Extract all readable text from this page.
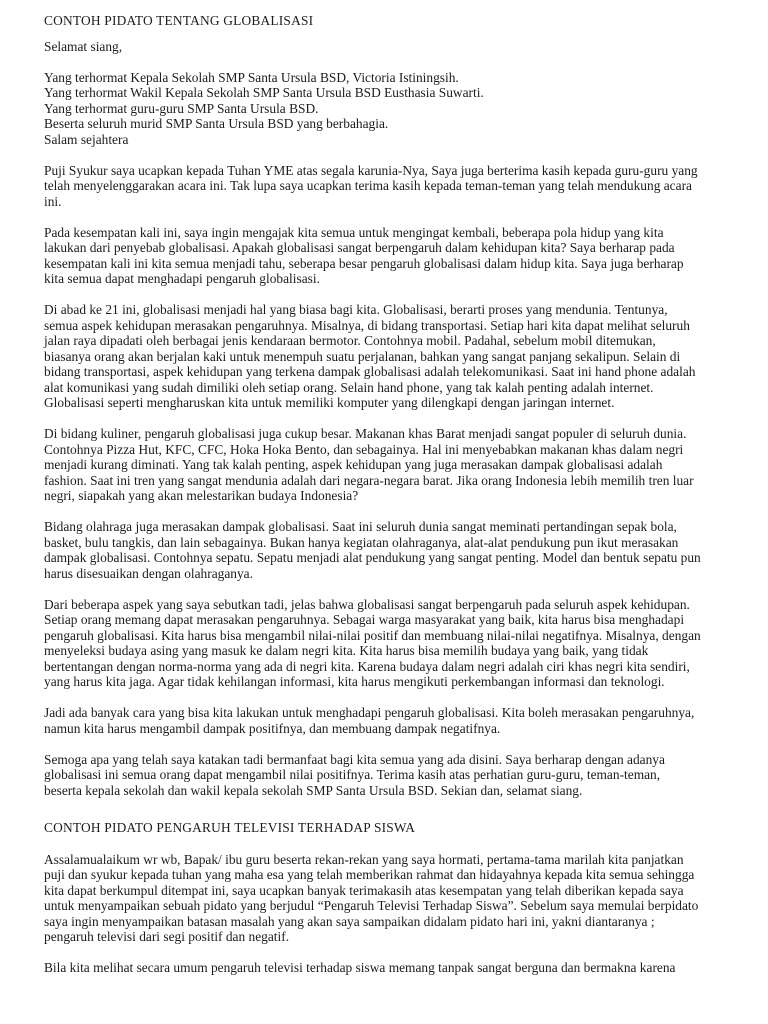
CONTOH PIDATO TENTANG GLOBALISASI
Selamat siang,
Yang terhormat Kepala Sekolah SMP Santa Ursula BSD, Victoria Istiningsih.
Yang terhormat Wakil Kepala Sekolah SMP Santa Ursula BSD Eusthasia Suwarti.
Yang terhormat guru-guru SMP Santa Ursula BSD.
Beserta seluruh murid SMP Santa Ursula BSD yang berbahagia.
Salam sejahtera
Puji Syukur saya ucapkan kepada Tuhan YME atas segala karunia-Nya, Saya juga berterima kasih kepada guru-guru yang
telah menyelenggarakan acara ini. Tak lupa saya ucapkan terima kasih kepada teman-teman yang telah mendukung acara
ini.
Pada kesempatan kali ini, saya ingin mengajak kita semua untuk mengingat kembali, beberapa pola hidup yang kita
lakukan dari penyebab globalisasi. Apakah globalisasi sangat berpengaruh dalam kehidupan kita? Saya berharap pada
kesempatan kali ini kita semua menjadi tahu, seberapa besar pengaruh globalisasi dalam hidup kita. Saya juga berharap
kita semua dapat menghadapi pengaruh globalisasi.
Di abad ke 21 ini, globalisasi menjadi hal yang biasa bagi kita. Globalisasi, berarti proses yang mendunia. Tentunya,
semua aspek kehidupan merasakan pengaruhnya. Misalnya, di bidang transportasi. Setiap hari kita dapat melihat seluruh
jalan raya dipadati oleh berbagai jenis kendaraan bermotor. Contohnya mobil. Padahal, sebelum mobil ditemukan,
biasanya orang akan berjalan kaki untuk menempuh suatu perjalanan, bahkan yang sangat panjang sekalipun. Selain di
bidang transportasi, aspek kehidupan yang terkena dampak globalisasi adalah telekomunikasi. Saat ini hand phone adalah
alat komunikasi yang sudah dimiliki oleh setiap orang. Selain hand phone, yang tak kalah penting adalah internet.
Globalisasi seperti mengharuskan kita untuk memiliki komputer yang dilengkapi dengan jaringan internet.
Di bidang kuliner, pengaruh globalisasi juga cukup besar. Makanan khas Barat menjadi sangat populer di seluruh dunia.
Contohnya Pizza Hut, KFC, CFC, Hoka Hoka Bento, dan sebagainya. Hal ini menyebabkan makanan khas dalam negri
menjadi kurang diminati. Yang tak kalah penting, aspek kehidupan yang juga merasakan dampak globalisasi adalah
fashion. Saat ini tren yang sangat mendunia adalah dari negara-negara barat. Jika orang Indonesia lebih memilih tren luar
negri, siapakah yang akan melestarikan budaya Indonesia?
Bidang olahraga juga merasakan dampak globalisasi. Saat ini seluruh dunia sangat meminati pertandingan sepak bola,
basket, bulu tangkis, dan lain sebagainya. Bukan hanya kegiatan olahraganya, alat-alat pendukung pun ikut merasakan
dampak globalisasi. Contohnya sepatu. Sepatu menjadi alat pendukung yang sangat penting. Model dan bentuk sepatu pun
harus disesuaikan dengan olahraganya.
Dari beberapa aspek yang saya sebutkan tadi, jelas bahwa globalisasi sangat berpengaruh pada seluruh aspek kehidupan.
Setiap orang memang dapat merasakan pengaruhnya. Sebagai warga masyarakat yang baik, kita harus bisa menghadapi
pengaruh globalisasi. Kita harus bisa mengambil nilai-nilai positif dan membuang nilai-nilai negatifnya. Misalnya, dengan
menyeleksi budaya asing yang masuk ke dalam negri kita. Kita harus bisa memilih budaya yang baik, yang tidak
bertentangan dengan norma-norma yang ada di negri kita. Karena budaya dalam negri adalah ciri khas negri kita sendiri,
yang harus kita jaga. Agar tidak kehilangan informasi, kita harus mengikuti perkembangan informasi dan teknologi.
Jadi ada banyak cara yang bisa kita lakukan untuk menghadapi pengaruh globalisasi. Kita boleh merasakan pengaruhnya,
namun kita harus mengambil dampak positifnya, dan membuang dampak negatifnya.
Semoga apa yang telah saya katakan tadi bermanfaat bagi kita semua yang ada disini. Saya berharap dengan adanya
globalisasi ini semua orang dapat mengambil nilai positifnya. Terima kasih atas perhatian guru-guru, teman-teman,
beserta kepala sekolah dan wakil kepala sekolah SMP Santa Ursula BSD. Sekian dan, selamat siang.
CONTOH PIDATO PENGARUH TELEVISI TERHADAP SISWA
Assalamualaikum wr wb, Bapak/ ibu guru beserta rekan-rekan yang saya hormati, pertama-tama marilah kita panjatkan
puji dan syukur kepada tuhan yang maha esa yang telah memberikan rahmat dan hidayahnya kepada kita semua sehingga
kita dapat berkumpul ditempat ini, saya ucapkan banyak terimakasih atas kesempatan yang telah diberikan kepada saya
untuk menyampaikan sebuah pidato yang berjudul “Pengaruh Televisi Terhadap Siswa”. Sebelum saya memulai berpidato
saya ingin menyampaikan batasan masalah yang akan saya sampaikan didalam pidato hari ini, yakni diantaranya ;
pengaruh televisi dari segi positif dan negatif.
Bila kita melihat secara umum pengaruh televisi terhadap siswa memang tanpak sangat berguna dan bermakna karena
